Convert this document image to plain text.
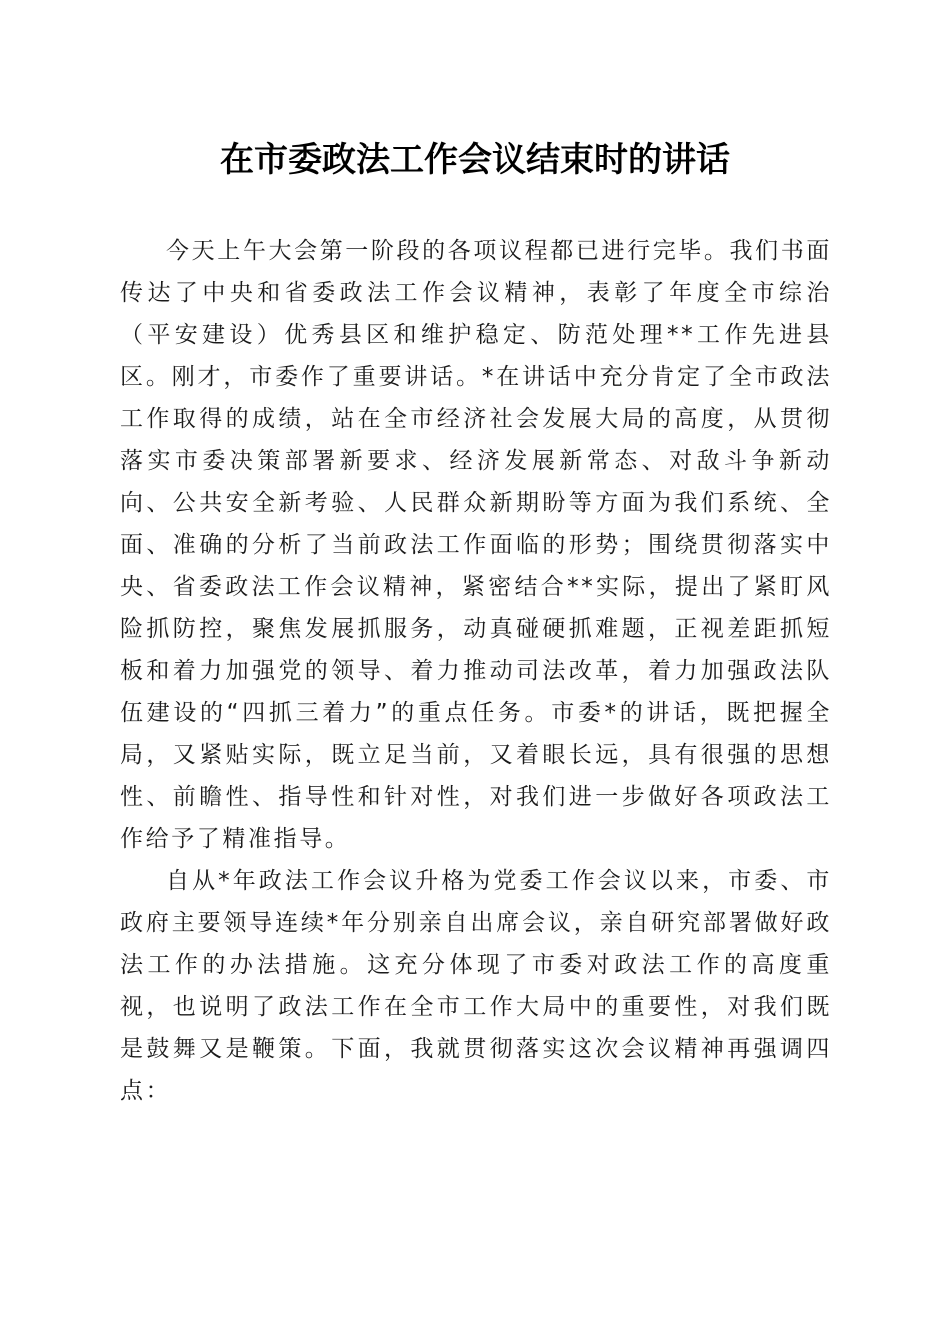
在市委政法工作会议结束时的讲话

今天上午大会第一阶段的各项议程都已进行完毕。我们书面传达了中央和省委政法工作会议精神，表彰了年度全市综治（平安建设）优秀县区和维护稳定、防范处理**工作先进县区。刚才，市委作了重要讲话。*在讲话中充分肯定了全市政法工作取得的成绩，站在全市经济社会发展大局的高度，从贯彻落实市委决策部署新要求、经济发展新常态、对敌斗争新动向、公共安全新考验、人民群众新期盼等方面为我们系统、全面、准确的分析了当前政法工作面临的形势；围绕贯彻落实中央、省委政法工作会议精神，紧密结合**实际，提出了紧盯风险抓防控，聚焦发展抓服务，动真碰硬抓难题，正视差距抓短板和着力加强党的领导、着力推动司法改革，着力加强政法队伍建设的“四抓三着力”的重点任务。市委*的讲话，既把握全局，又紧贴实际，既立足当前，又着眼长远，具有很强的思想性、前瞻性、指导性和针对性，对我们进一步做好各项政法工作给予了精准指导。

自从*年政法工作会议升格为党委工作会议以来，市委、市政府主要领导连续*年分别亲自出席会议，亲自研究部署做好政法工作的办法措施。这充分体现了市委对政法工作的高度重视，也说明了政法工作在全市工作大局中的重要性，对我们既是鼓舞又是鞭策。下面，我就贯彻落实这次会议精神再强调四点：
